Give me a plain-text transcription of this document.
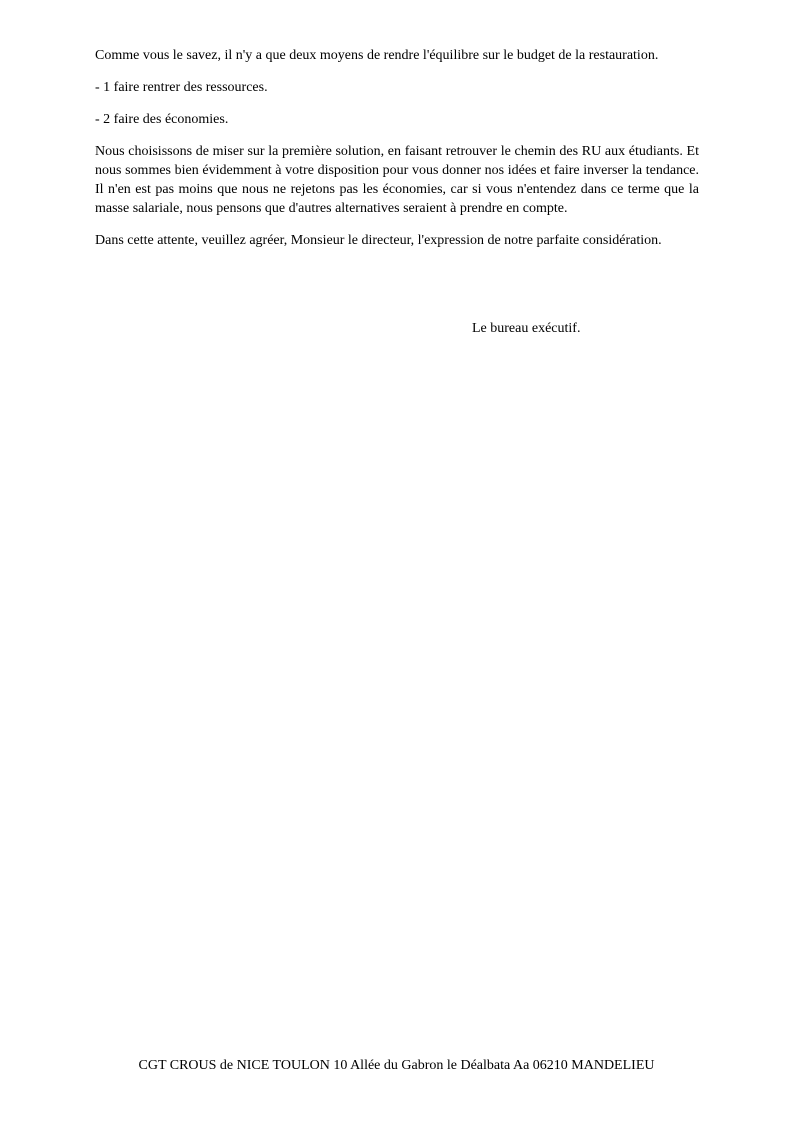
Comme vous le savez, il n'y a que deux moyens de rendre l'équilibre sur le budget de la restauration.

- 1 faire rentrer des ressources.

- 2 faire des économies.

Nous choisissons de miser sur la première solution, en faisant retrouver le chemin des RU aux étudiants. Et nous sommes bien évidemment à votre disposition pour vous donner nos idées et faire inverser la tendance. Il n'en est pas moins que nous ne rejetons pas les économies, car si vous n'entendez dans ce terme que la masse salariale, nous pensons que d'autres alternatives seraient à prendre en compte.

Dans cette attente, veuillez agréer, Monsieur le directeur, l'expression de notre parfaite considération.

Le bureau exécutif.
CGT CROUS de NICE TOULON 10 Allée du Gabron le Déalbata Aa 06210 MANDELIEU
